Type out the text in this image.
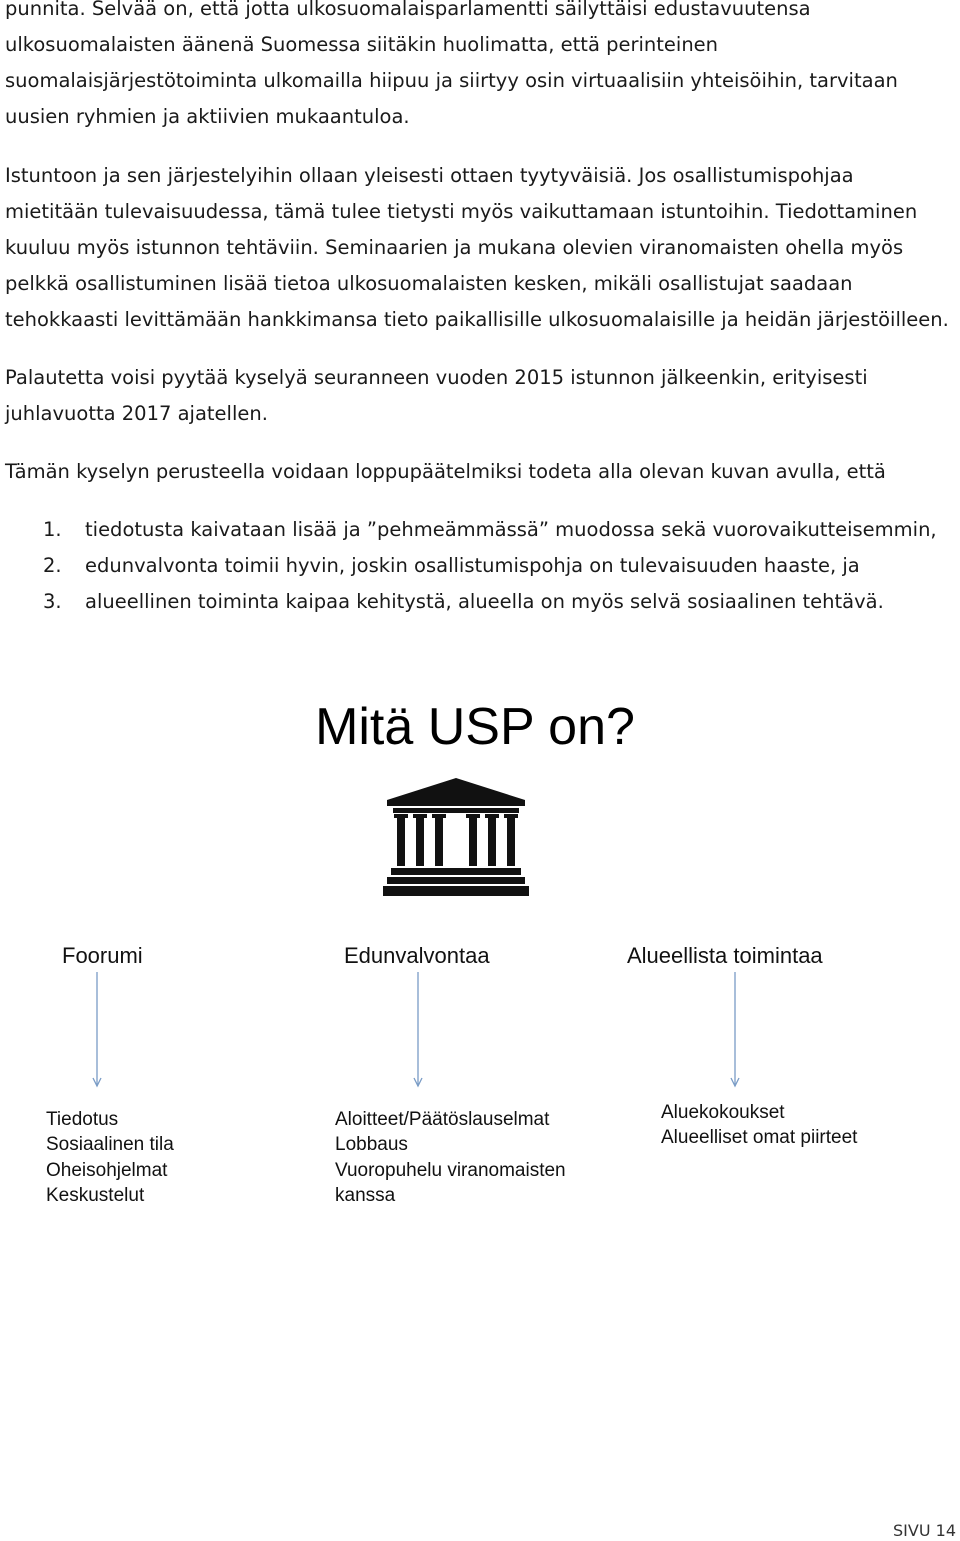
punnita. Selvää on, että jotta ulkosuomalaisparlamentti säilyttäisi edustavuutensa
ulkosuomalaisten äänenä Suomessa siitäkin huolimatta, että perinteinen
suomalaisjärjestötoiminta ulkomailla hiipuu ja siirtyy osin virtuaalisiin yhteisöihin, tarvitaan
uusien ryhmien ja aktiivien mukaantuloa.

Istuntoon ja sen järjestelyihin ollaan yleisesti ottaen tyytyväisiä. Jos osallistumispohjaa
mietitään tulevaisuudessa, tämä tulee tietysti myös vaikuttamaan istuntoihin. Tiedottaminen
kuuluu myös istunnon tehtäviin. Seminaarien ja mukana olevien viranomaisten ohella myös
pelkkä osallistuminen lisää tietoa ulkosuomalaisten kesken, mikäli osallistujat saadaan
tehokkaasti levittämään hankkimansa tieto paikallisille ulkosuomalaisille ja heidän järjestöilleen.

Palautetta voisi pyytää kyselyä seuranneen vuoden 2015 istunnon jälkeenkin, erityisesti
juhlavuotta 2017 ajatellen.

Tämän kyselyn perusteella voidaan loppupäätelmiksi todeta alla olevan kuvan avulla, että

1. tiedotusta kaivataan lisää ja ”pehmeämmässä” muodossa sekä vuorovaikutteisemmin,
2. edunvalvonta toimii hyvin, joskin osallistumispohja on tulevaisuuden haaste, ja
3. alueellinen toiminta kaipaa kehitystä, alueella on myös selvä sosiaalinen tehtävä.
Mitä USP on?
Foorumi	Edunvalvontaa	Alueellista toimintaa
Tiedotus
Sosiaalinen tila
Oheisohjelmat
Keskustelut
Aloitteet/Päätöslauselmat
Lobbaus
Vuoropuhelu viranomaisten
kanssa
Aluekokoukset
Alueelliset omat piirteet
SIVU 14
